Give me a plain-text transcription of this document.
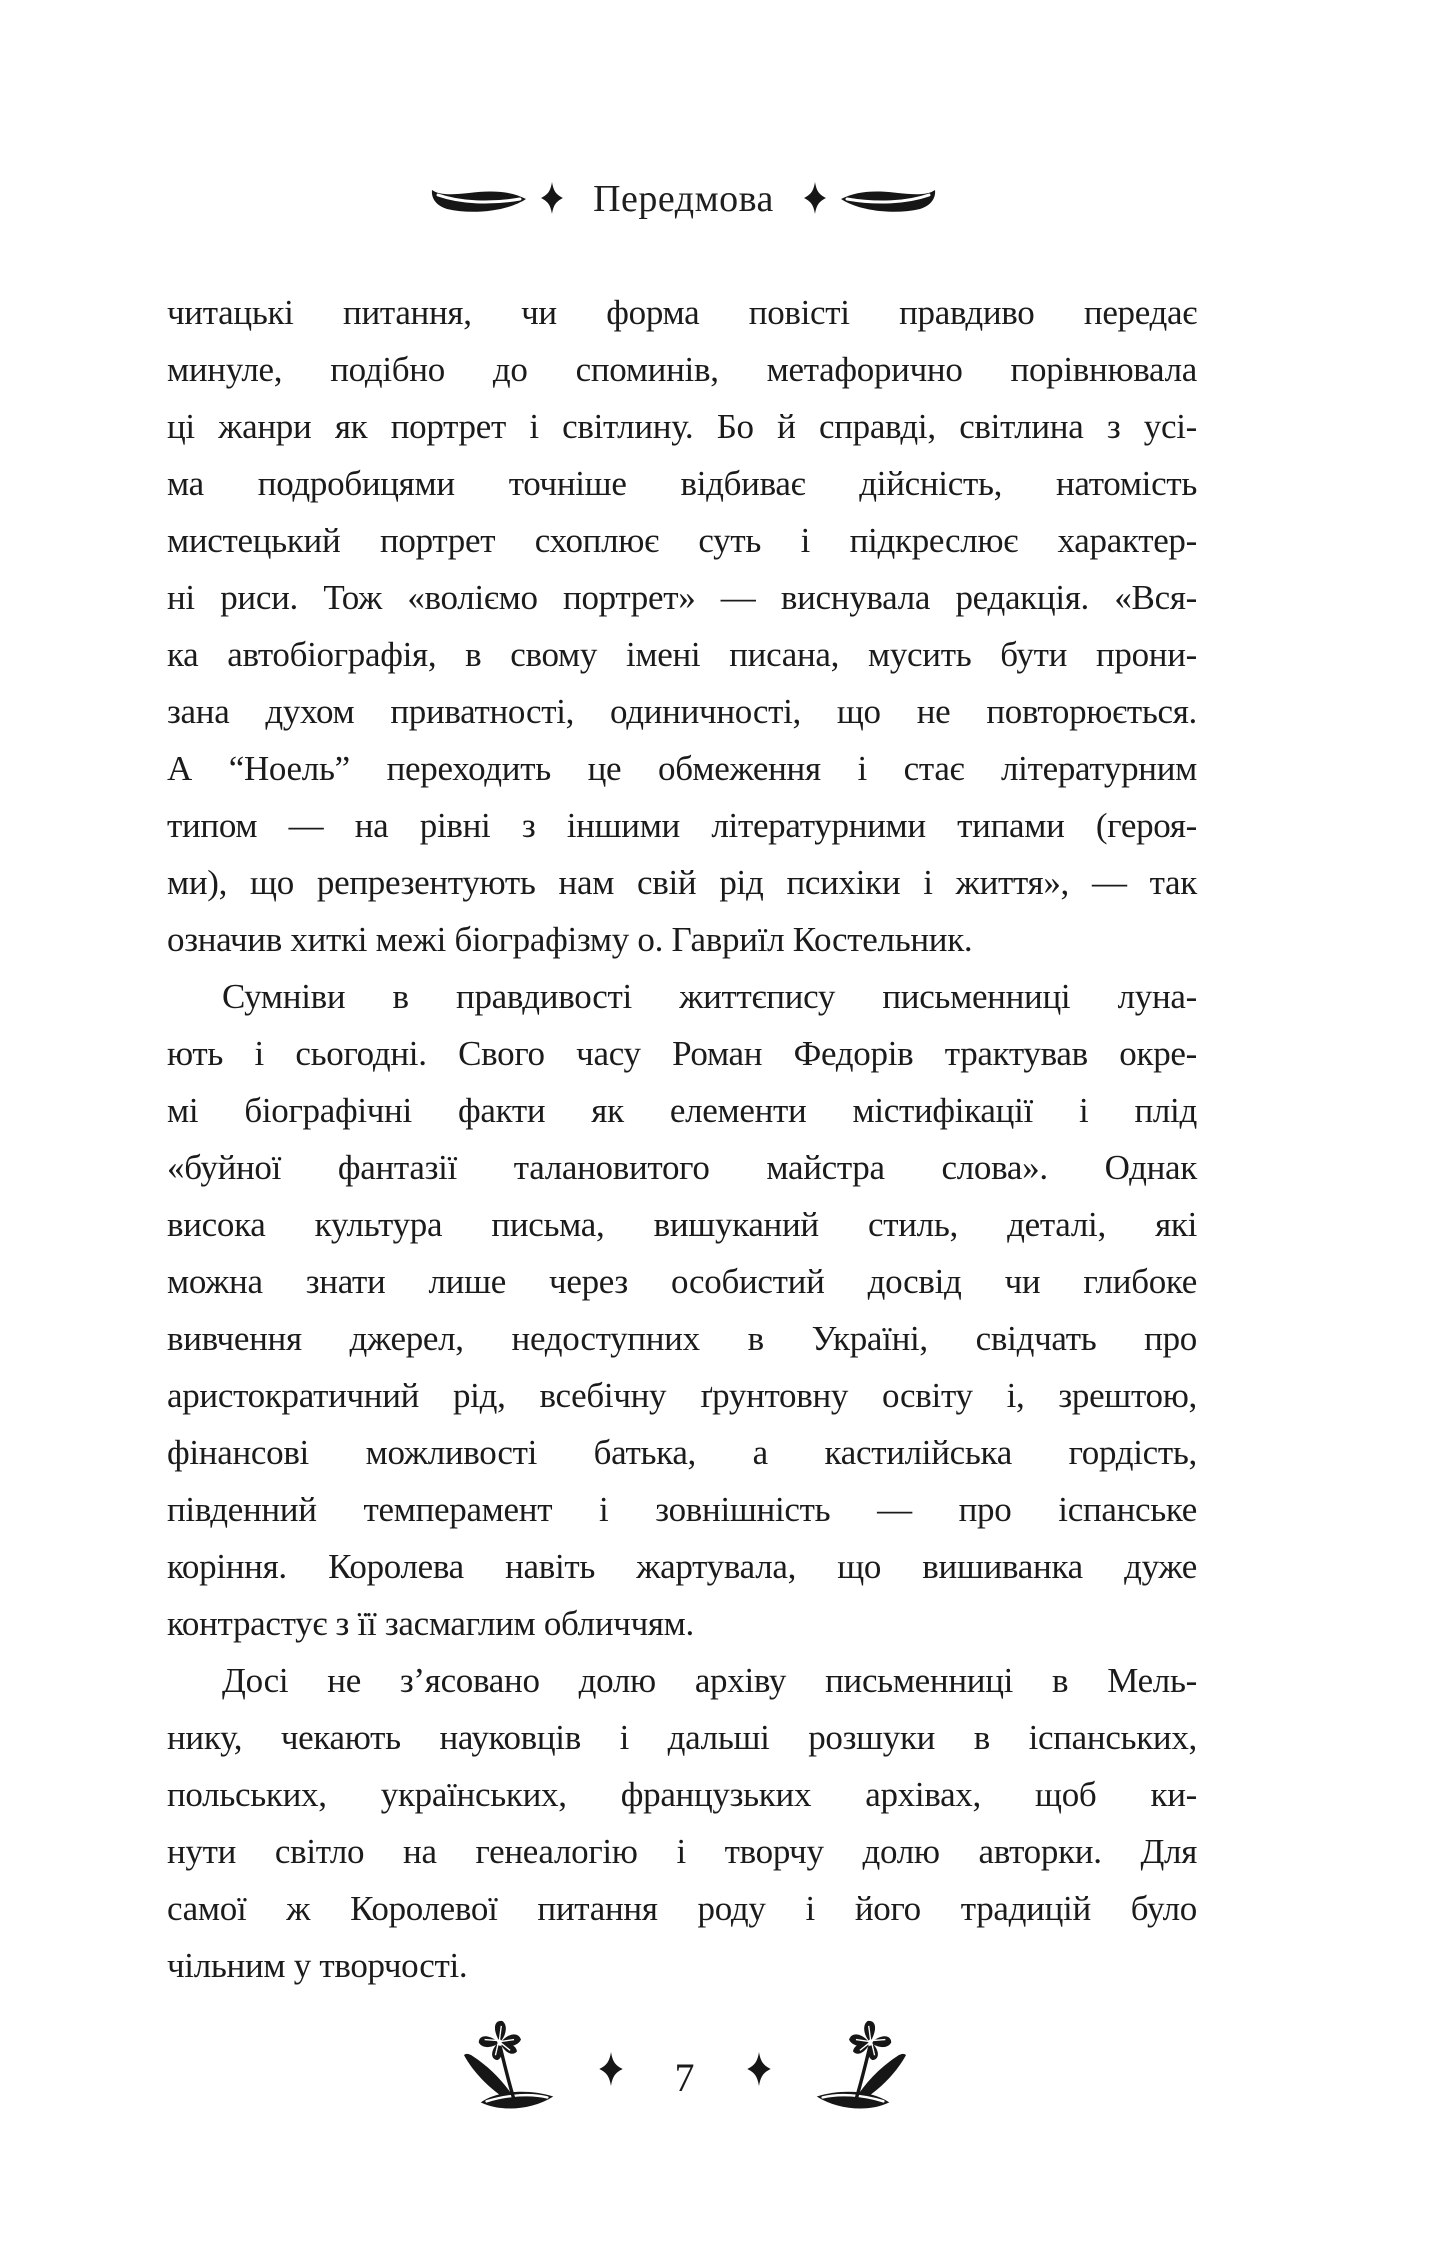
Передмова
читацькі питання, чи форма повісті правдиво передає
минуле, подібно до споминів, метафорично порівнювала
ці жанри як портрет і світлину. Бо й справді, світлина з усі-
ма подробицями точніше відбиває дійсність, натомість
мистецький портрет схоплює суть і підкреслює характер-
ні риси. Тож «воліємо портрет» — виснувала редакція. «Вся-
ка автобіографія, в свому імені писана, мусить бути прони-
зана духом приватності, одиничності, що не повторюється.
А “Ноель” переходить це обмеження і стає літературним
типом — на рівні з іншими літературними типами (героя-
ми), що репрезентують нам свій рід психіки і життя», — так
означив хиткі межі біографізму о. Гавриїл Костельник.
Сумніви в правдивості життєпису письменниці луна-
ють і сьогодні. Свого часу Роман Федорів трактував окре-
мі біографічні факти як елементи містифікації і плід
«буйної фантазії талановитого майстра слова». Однак
висока культура письма, вишуканий стиль, деталі, які
можна знати лише через особистий досвід чи глибоке
вивчення джерел, недоступних в Україні, свідчать про
аристократичний рід, всебічну ґрунтовну освіту і, зрештою,
фінансові можливості батька, а кастилійська гордість,
південний темперамент і зовнішність — про іспанське
коріння. Королева навіть жартувала, що вишиванка дуже
контрастує з її засмаглим обличчям.
Досі не з’ясовано долю архіву письменниці в Мель-
нику, чекають науковців і дальші розшуки в іспанських,
польських, українських, французьких архівах, щоб ки-
нути світло на генеалогію і творчу долю авторки. Для
самої ж Королевої питання роду і його традицій було
чільним у творчості.
7
